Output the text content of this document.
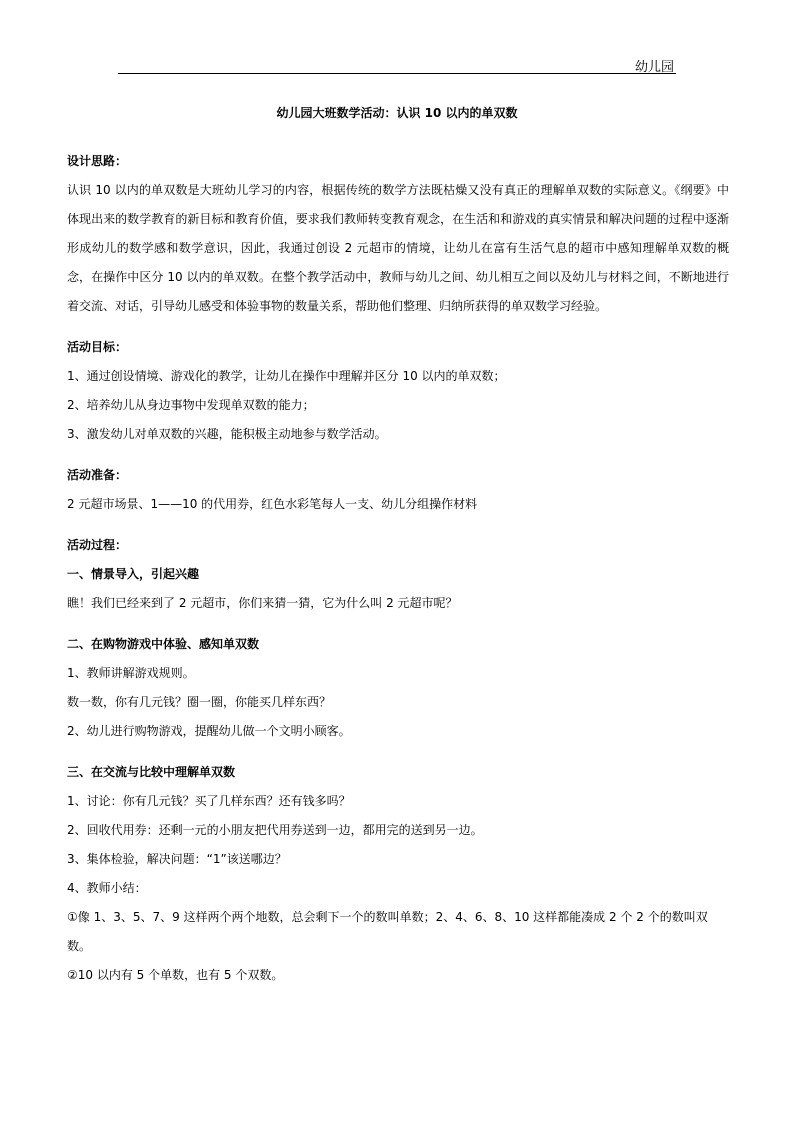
幼儿园
幼儿园大班数学活动：认识 10 以内的单双数

设计思路：

认识 10 以内的单双数是大班幼儿学习的内容，根据传统的数学方法既枯燥又没有真正的理解单双数的实际意义。《纲要》中体现出来的数学教育的新目标和教育价值，要求我们教师转变教育观念，在生活和和游戏的真实情景和解决问题的过程中逐渐形成幼儿的数学感和数学意识，因此，我通过创设 2 元超市的情境，让幼儿在富有生活气息的超市中感知理解单双数的概念，在操作中区分 10 以内的单双数。在整个教学活动中，教师与幼儿之间、幼儿相互之间以及幼儿与材料之间，不断地进行着交流、对话，引导幼儿感受和体验事物的数量关系，帮助他们整理、归纳所获得的单双数学习经验。

活动目标：

1、通过创设情境、游戏化的教学，让幼儿在操作中理解并区分 10 以内的单双数；

2、培养幼儿从身边事物中发现单双数的能力；

3、激发幼儿对单双数的兴趣，能积极主动地参与数学活动。

活动准备：

2 元超市场景、1——10 的代用券，红色水彩笔每人一支、幼儿分组操作材料

活动过程：

一、情景导入，引起兴趣

瞧！我们已经来到了 2 元超市，你们来猜一猜，它为什么叫 2 元超市呢？

二、在购物游戏中体验、感知单双数

1、教师讲解游戏规则。

数一数，你有几元钱？圈一圈，你能买几样东西？

2、幼儿进行购物游戏，提醒幼儿做一个文明小顾客。

三、在交流与比较中理解单双数

1、讨论：你有几元钱？买了几样东西？还有钱多吗？

2、回收代用券：还剩一元的小朋友把代用券送到一边，都用完的送到另一边。

3、集体检验，解决问题：“1”该送哪边？

4、教师小结：

①像 1、3、5、7、9 这样两个两个地数，总会剩下一个的数叫单数；2、4、6、8、10 这样都能凑成 2 个 2 个的数叫双数。

②10 以内有 5 个单数，也有 5 个双数。
